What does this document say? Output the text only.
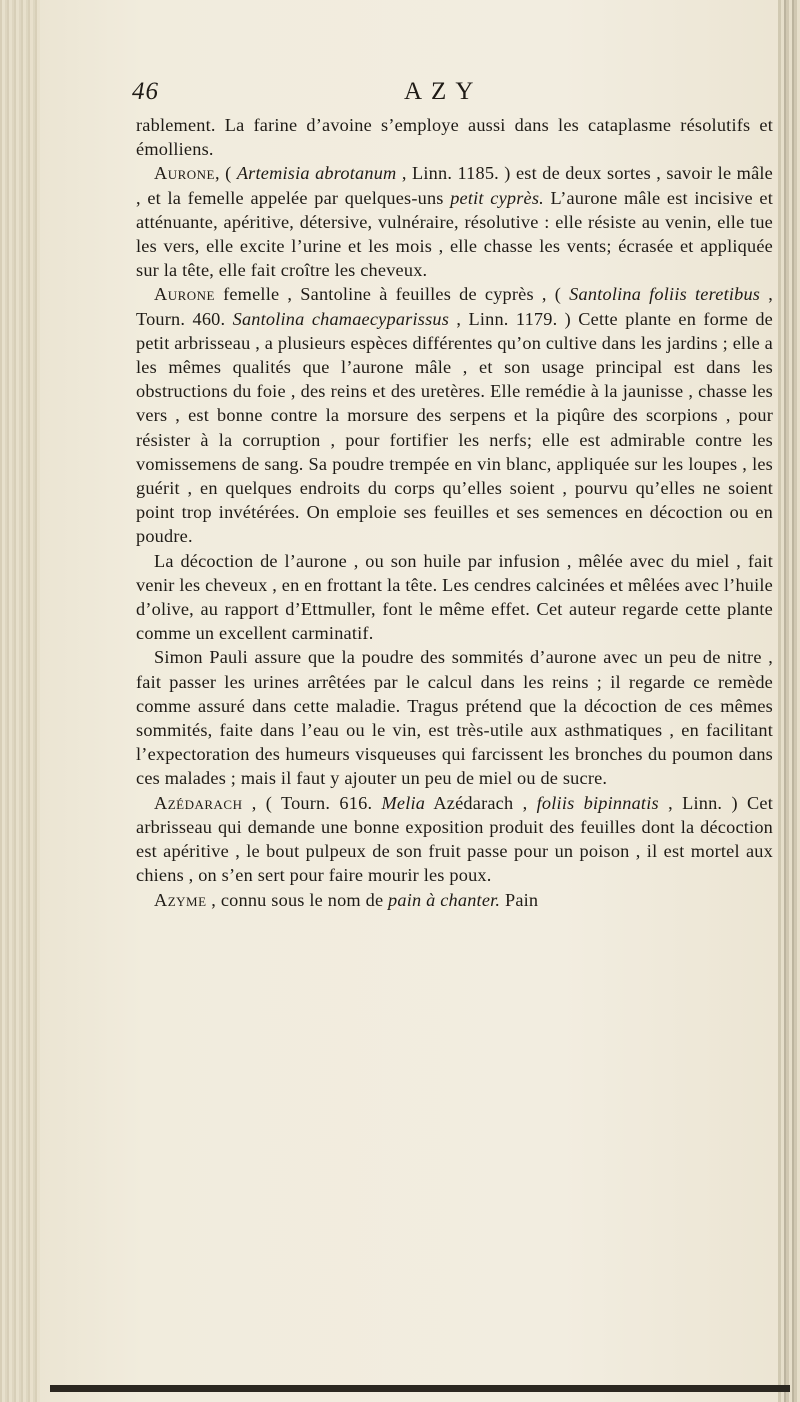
46	AZY

rablement. La farine d’avoine s’employe aussi dans les cataplasme résolutifs et émolliens.

Aurone, ( Artemisia abrotanum , Linn. 1185. ) est de deux sortes , savoir le mâle , et la femelle appelée par quelques-uns petit cyprès. L’aurone mâle est incisive et atténuante, apéritive, détersive, vulnéraire, résolutive : elle résiste au venin, elle tue les vers, elle excite l’urine et les mois , elle chasse les vents; écrasée et appliquée sur la tête, elle fait croître les cheveux.

Aurone femelle , Santoline à feuilles de cyprès , ( Santolina foliis teretibus , Tourn. 460. Santolina chamaecyparissus , Linn. 1179. ) Cette plante en forme de petit arbrisseau , a plusieurs espèces différentes qu’on cultive dans les jardins ; elle a les mêmes qualités que l’aurone mâle , et son usage principal est dans les obstructions du foie , des reins et des uretères. Elle remédie à la jaunisse , chasse les vers , est bonne contre la morsure des serpens et la piqûre des scorpions , pour résister à la corruption , pour fortifier les nerfs; elle est admirable contre les vomissemens de sang. Sa poudre trempée en vin blanc, appliquée sur les loupes , les guérit , en quelques endroits du corps qu’elles soient , pourvu qu’elles ne soient point trop invétérées. On emploie ses feuilles et ses semences en décoction ou en poudre.

La décoction de l’aurone , ou son huile par infusion , mêlée avec du miel , fait venir les cheveux , en en frottant la tête. Les cendres calcinées et mêlées avec l’huile d’olive, au rapport d’Ettmuller, font le même effet. Cet auteur regarde cette plante comme un excellent carminatif.

Simon Pauli assure que la poudre des sommités d’aurone avec un peu de nitre , fait passer les urines arrêtées par le calcul dans les reins ; il regarde ce remède comme assuré dans cette maladie. Tragus prétend que la décoction de ces mêmes sommités, faite dans l’eau ou le vin, est très-utile aux asthmatiques , en facilitant l’expectoration des humeurs visqueuses qui farcissent les bronches du poumon dans ces malades ; mais il faut y ajouter un peu de miel ou de sucre.

Azédarach , ( Tourn. 616. Melia Azédarach , foliis bipinnatis , Linn. ) Cet arbrisseau qui demande une bonne exposition produit des feuilles dont la décoction est apéritive , le bout pulpeux de son fruit passe pour un poison , il est mortel aux chiens , on s’en sert pour faire mourir les poux.

Azyme , connu sous le nom de pain à chanter. Pain
